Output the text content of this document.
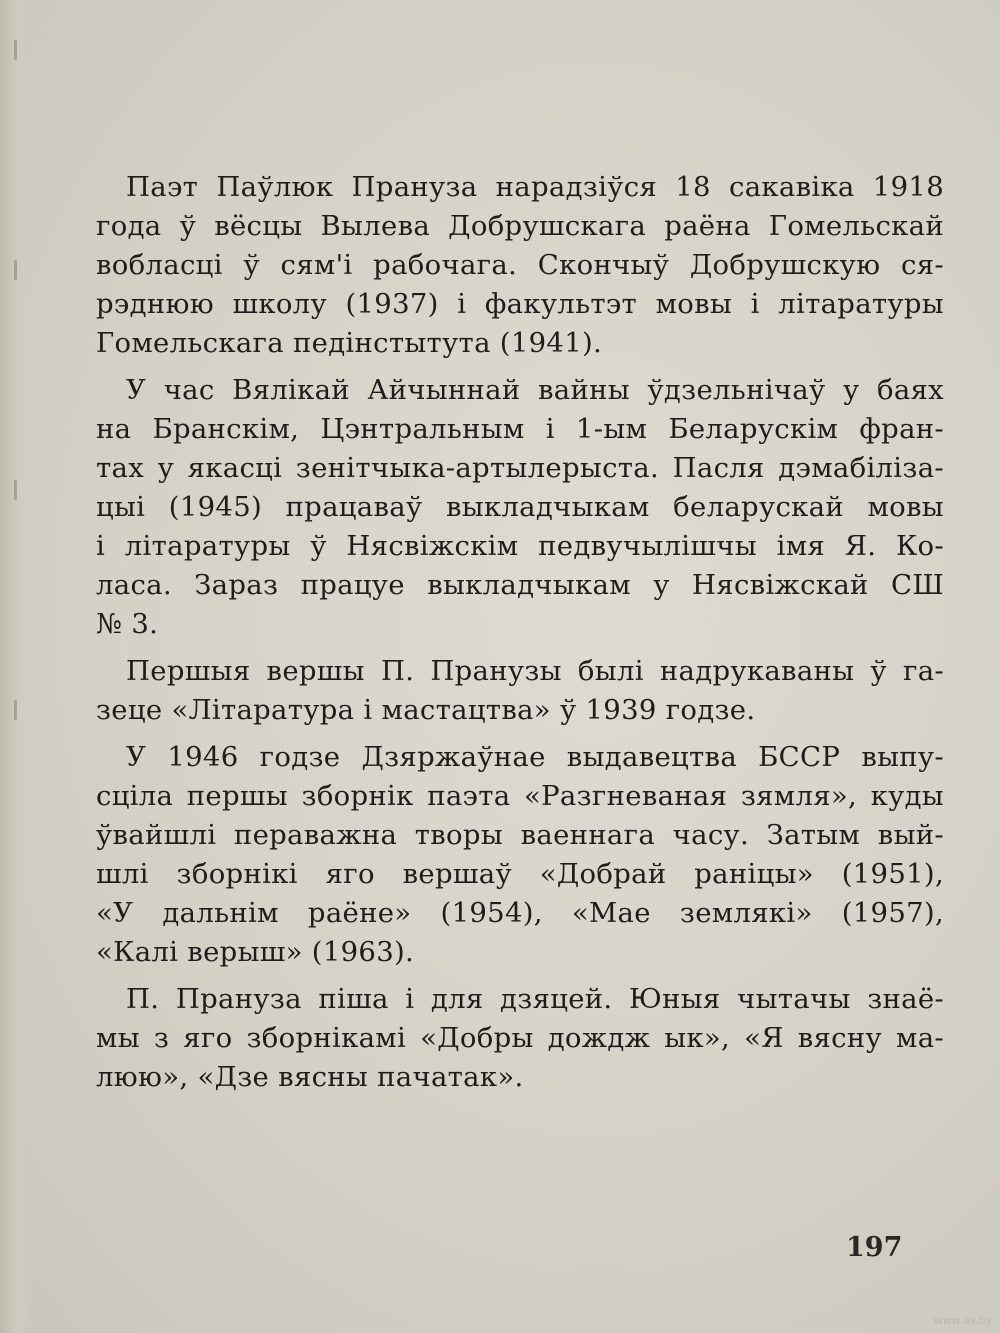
Паэт Паўлюк Пранузa нарадзіўся 18 сакавіка 1918
года ў вёсцы Вылева Добрушскага раёна Гомельскай
вобласці ў сям'і рабочага. Скончыў Добрушскую ся-
рэднюю школу (1937) і факультэт мовы і літаратуры
Гомельскага педінстытута (1941).
У час Вялікай Айчыннай вайны ўдзельнічаў у баях
на Бранскім, Цэнтральным і 1-ым Беларускім фран-
тах у якасці зенітчыка-артылерыста. Пасля дэмабіліза-
цыі (1945) працаваў выкладчыкам беларускай мовы
і літаратуры ў Нясвіжскім педвучылішчы імя Я. Ко-
ласа. Зараз працуе выкладчыкам у Нясвіжскай СШ
№ 3.
Першыя вершы П. Пранузы былі надрукаваны ў га-
зеце «Літаратура і мастацтва» ў 1939 годзе.
У 1946 годзе Дзяржаўнае выдавецтва БССР выпу-
сціла першы зборнік паэта «Разгневаная зямля», куды
ўвайшлі пераважна творы ваеннага часу. Затым вый-
шлі зборнікі яго вершаў «Добрай раніцы» (1951),
«У дальнім раёне» (1954), «Мае землякі» (1957),
«Калі верыш» (1963).
П. Пранузa піша і для дзяцей. Юныя чытачы знаё-
мы з яго зборнікамі «Добры дождж ык», «Я вясну ма-
люю», «Дзе вясны пачатак».
197
www.ay.by
